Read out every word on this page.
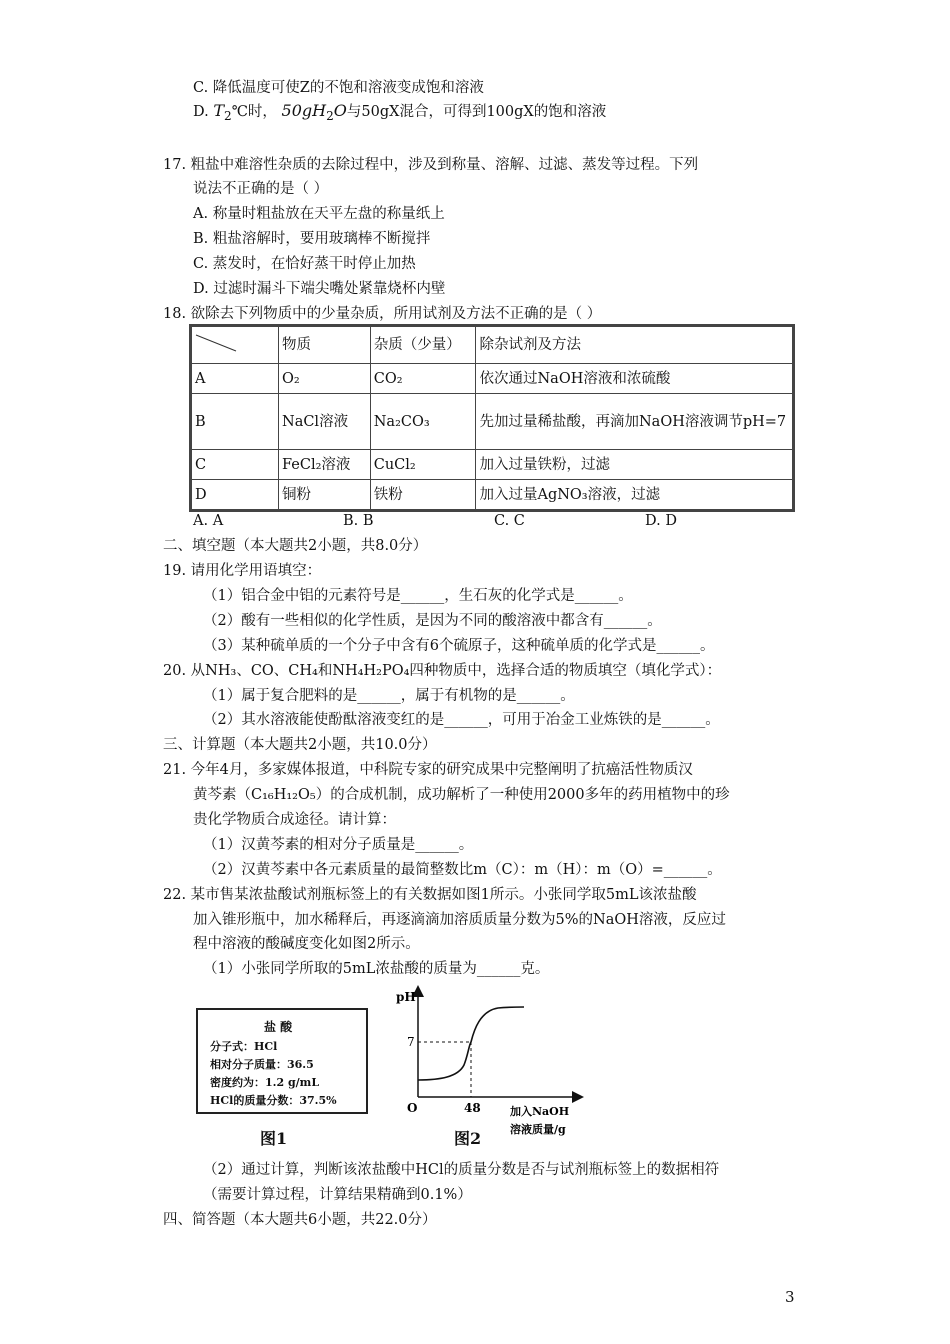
C. 降低温度可使Z的不饱和溶液变成饱和溶液
D. $T_2℃$时， $50gH_2O$与50gX混合，可得到100gX的饱和溶液
17. 粗盐中难溶性杂质的去除过程中，涉及到称量、溶解、过滤、蒸发等过程。下列
说法不正确的是（ ）
A. 称量时粗盐放在天平左盘的称量纸上
B. 粗盐溶解时，要用玻璃棒不断搅拌
C. 蒸发时，在恰好蒸干时停止加热
D. 过滤时漏斗下端尖嘴处紧靠烧杯内壁
18. 欲除去下列物质中的少量杂质，所用试剂及方法不正确的是（ ）
	物质	杂质（少量）	除杂试剂及方法
A	O₂	CO₂	依次通过NaOH溶液和浓硫酸
B	NaCl溶液	Na₂CO₃	先加过量稀盐酸，再滴加NaOH溶液调节pH=7
C	FeCl₂溶液	CuCl₂	加入过量铁粉，过滤
D	铜粉	铁粉	加入过量AgNO₃溶液，过滤
A. A	B. B	C. C	D. D
二、填空题（本大题共2小题，共8.0分）
19. 请用化学用语填空：
（1）铝合金中铝的元素符号是______，生石灰的化学式是______。
（2）酸有一些相似的化学性质，是因为不同的酸溶液中都含有______。
（3）某种硫单质的一个分子中含有6个硫原子，这种硫单质的化学式是______。
20. 从NH₃、CO、CH₄和NH₄H₂PO₄四种物质中，选择合适的物质填空（填化学式）：
（1）属于复合肥料的是______，属于有机物的是______。
（2）其水溶液能使酚酞溶液变红的是______，可用于冶金工业炼铁的是______。
三、计算题（本大题共2小题，共10.0分）
21. 今年4月，多家媒体报道，中科院专家的研究成果中完整阐明了抗癌活性物质汉
黄芩素（C₁₆H₁₂O₅）的合成机制，成功解析了一种使用2000多年的药用植物中的珍
贵化学物质合成途径。请计算：
（1）汉黄芩素的相对分子质量是______。
（2）汉黄芩素中各元素质量的最简整数比m（C）：m（H）：m（O）=______。
22. 某市售某浓盐酸试剂瓶标签上的有关数据如图1所示。小张同学取5mL该浓盐酸
加入锥形瓶中，加水稀释后，再逐滴滴加溶质质量分数为5%的NaOH溶液，反应过
程中溶液的酸碱度变化如图2所示。
（1）小张同学所取的5mL浓盐酸的质量为______克。
盐 酸
分子式：HCl
相对分子质量：36.5
密度约为：1.2 g/mL
HCl的质量分数：37.5%
图1
pH
7
O	48	加入NaOH
溶液质量/g
图2
（2）通过计算，判断该浓盐酸中HCl的质量分数是否与试剂瓶标签上的数据相符
（需要计算过程，计算结果精确到0.1%）
四、简答题（本大题共6小题，共22.0分）
3
